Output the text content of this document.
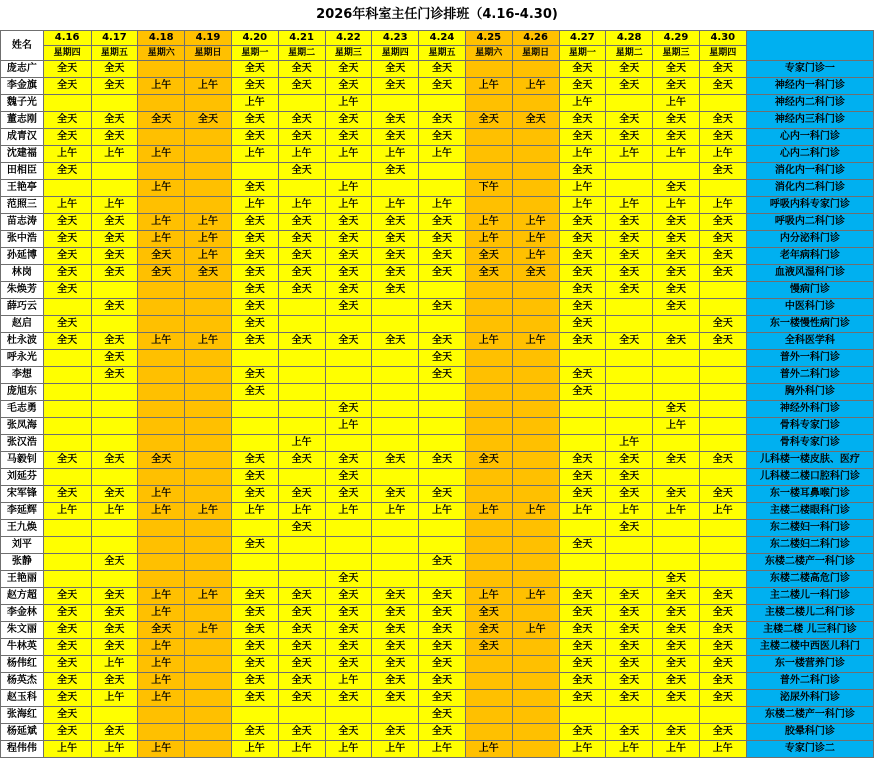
2026年科室主任门诊排班（4.16-4.30)
姓名	4.16	4.17	4.18	4.19	4.20	4.21	4.22	4.23	4.24	4.25	4.26	4.27	4.28	4.29	4.30	
	星期四	星期五	星期六	星期日	星期一	星期二	星期三	星期四	星期五	星期六	星期日	星期一	星期二	星期三	星期四	
庞志广	全天	全天			全天	全天	全天	全天	全天			全天	全天	全天	全天	专家门诊一
李金旗	全天	全天	上午	上午	全天	全天	全天	全天	全天	上午	上午	全天	全天	全天	全天	神经内一科门诊
魏子光					上午		上午					上午		上午		神经内二科门诊
董志刚	全天	全天	全天	全天	全天	全天	全天	全天	全天	全天	全天	全天	全天	全天	全天	神经内三科门诊
成青汉	全天	全天			全天	全天	全天	全天	全天			全天	全天	全天	全天	心内一科门诊
沈建福	上午	上午	上午		上午	上午	上午	上午	上午			上午	上午	上午	上午	心内二科门诊
田相臣	全天					全天		全天				全天			全天	消化内一科门诊
王艳亭			上午		全天		上午			下午		上午		全天		消化内二科门诊
范照三	上午	上午			上午	上午	上午	上午	上午			上午	上午	上午	上午	呼吸内科专家门诊
苗志涛	全天	全天	上午	上午	全天	全天	全天	全天	全天	上午	上午	全天	全天	全天	全天	呼吸内二科门诊
张中浩	全天	全天	上午	上午	全天	全天	全天	全天	全天	上午	上午	全天	全天	全天	全天	内分泌科门诊
孙延博	全天	全天	全天	上午	全天	全天	全天	全天	全天	全天	上午	全天	全天	全天	全天	老年病科门诊
林岗	全天	全天	全天	全天	全天	全天	全天	全天	全天	全天	全天	全天	全天	全天	全天	血液风湿科门诊
朱焕芳	全天				全天	全天	全天	全天				全天	全天	全天		慢病门诊
薛巧云		全天			全天		全天		全天			全天		全天		中医科门诊
赵启	全天				全天							全天			全天	东一楼慢性病门诊
杜永波	全天	全天	上午	上午	全天	全天	全天	全天	全天	上午	上午	全天	全天	全天	全天	全科医学科
呼永光		全天							全天							普外一科门诊
李想		全天			全天				全天			全天				普外二科门诊
庞旭东					全天							全天				胸外科门诊
毛志勇							全天							全天		神经外科门诊
张凤海							上午							上午		骨科专家门诊
张汉浩						上午							上午			骨科专家门诊
马毅钊	全天	全天	全天		全天	全天	全天	全天	全天	全天		全天	全天	全天	全天	儿科楼一楼皮肤、医疗
刘延芬					全天		全天					全天	全天			儿科楼二楼口腔科门诊
宋军锋	全天	全天	上午		全天	全天	全天	全天	全天			全天	全天	全天	全天	东一楼耳鼻喉门诊
李延辉	上午	上午	上午	上午	上午	上午	上午	上午	上午	上午	上午	上午	上午	上午	上午	主楼二楼眼科门诊
王九焕						全天							全天			东二楼妇一科门诊
刘平					全天							全天				东二楼妇二科门诊
张静		全天							全天							东楼二楼产一科门诊
王艳丽							全天							全天		东楼二楼高危门诊
赵方超	全天	全天	上午	上午	全天	全天	全天	全天	全天	上午	上午	全天	全天	全天	全天	主二楼儿一科门诊
李金林	全天	全天	上午		全天	全天	全天	全天	全天	全天		全天	全天	全天	全天	主楼二楼儿二科门诊
朱文丽	全天	全天	全天	上午	全天	全天	全天	全天	全天	全天	上午	全天	全天	全天	全天	主楼二楼 儿三科门诊
牛林英	全天	全天	上午		全天	全天	全天	全天	全天	全天		全天	全天	全天	全天	主楼二楼中西医儿科门
杨伟红	全天	上午	上午		全天	全天	全天	全天	全天			全天	全天	全天	全天	东一楼营养门诊
杨英杰	全天	全天	上午		全天	全天	上午	全天	全天			全天	全天	全天	全天	普外二科门诊
赵玉科	全天	上午	上午		全天	全天	全天	全天	全天			全天	全天	全天	全天	泌尿外科门诊
张海红	全天								全天							东楼二楼产一科门诊
杨延斌	全天	全天			全天	全天	全天	全天	全天			全天	全天	全天	全天	胶晕科门诊
程伟伟	上午	上午	上午		上午	上午	上午	上午	上午	上午		上午	上午	上午	上午	专家门诊二
